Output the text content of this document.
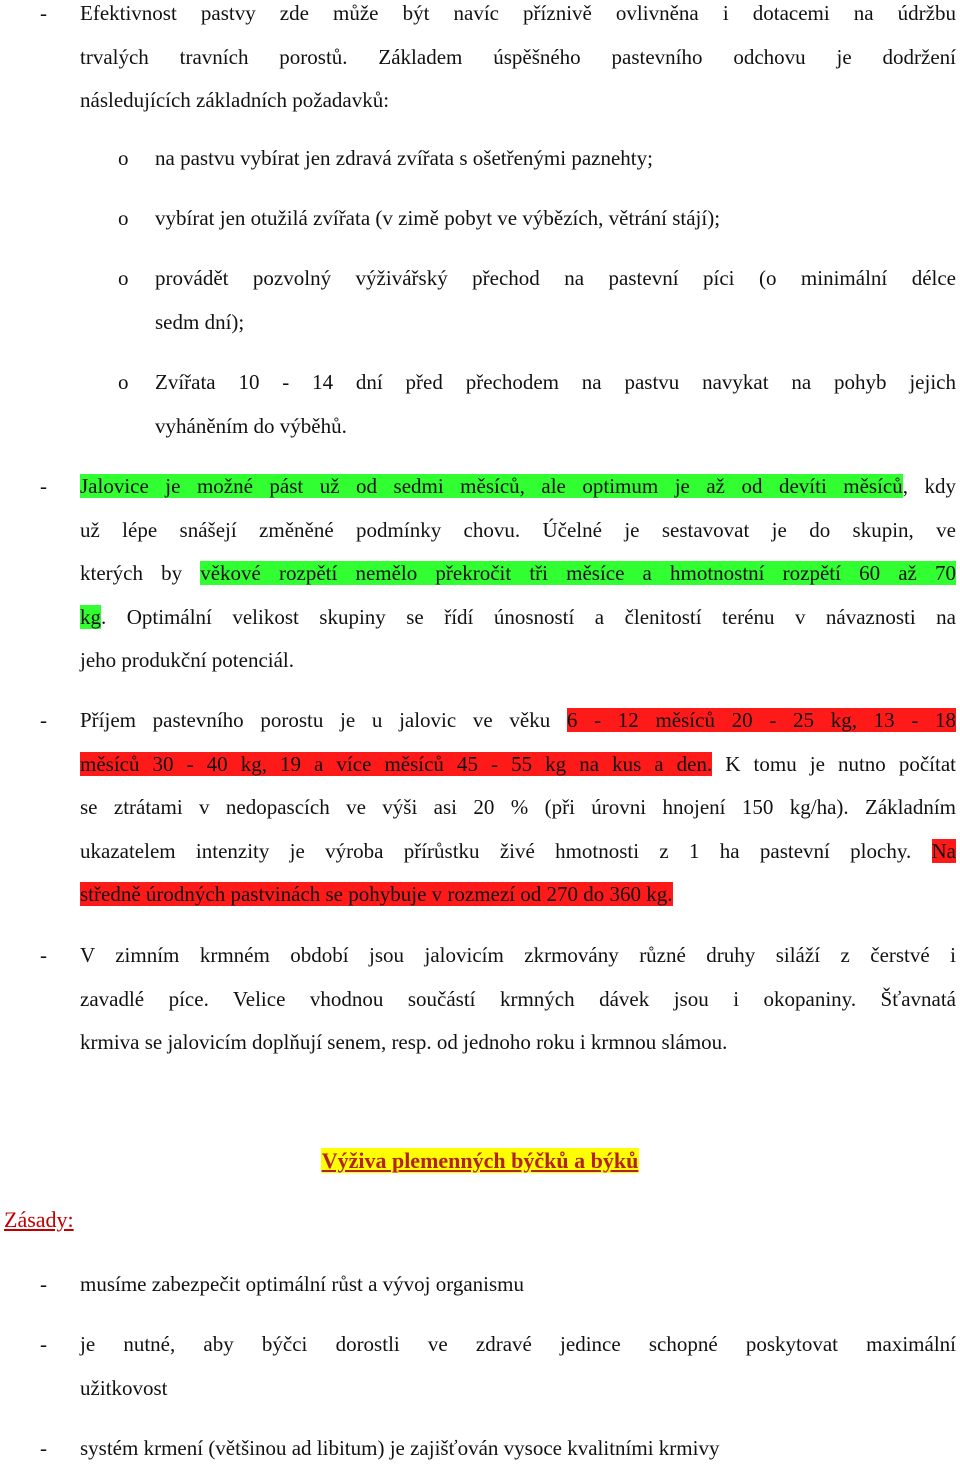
- Efektivnost pastvy zde může být navíc příznivě ovlivněna i dotacemi na údržbu
trvalých travních porostů. Základem úspěšného pastevního odchovu je dodržení
následujících základních požadavků:
o na pastvu vybírat jen zdravá zvířata s ošetřenými paznehty;
o vybírat jen otužilá zvířata (v zimě pobyt ve výbězích, větrání stájí);
o provádět pozvolný výživářský přechod na pastevní píci (o minimální délce
sedm dní);
o Zvířata 10 - 14 dní před přechodem na pastvu navykat na pohyb jejich
vyháněním do výběhů.
- Jalovice je možné pást už od sedmi měsíců, ale optimum je až od devíti měsíců, kdy
už lépe snášejí změněné podmínky chovu. Účelné je sestavovat je do skupin, ve
kterých by věkové rozpětí nemělo překročit tři měsíce a hmotnostní rozpětí 60 až 70
kg. Optimální velikost skupiny se řídí únosností a členitostí terénu v návaznosti na
jeho produkční potenciál.
- Příjem pastevního porostu je u jalovic ve věku 6 - 12 měsíců 20 - 25 kg, 13 - 18
měsíců 30 - 40 kg, 19 a více měsíců 45 - 55 kg na kus a den. K tomu je nutno počítat
se ztrátami v nedopascích ve výši asi 20 % (při úrovni hnojení 150 kg/ha). Základním
ukazatelem intenzity je výroba přírůstku živé hmotnosti z 1 ha pastevní plochy. Na
středně úrodných pastvinách se pohybuje v rozmezí od 270 do 360 kg.
- V zimním krmném období jsou jalovicím zkrmovány různé druhy siláží z čerstvé i
zavadlé píce. Velice vhodnou součástí krmných dávek jsou i okopaniny. Šťavnatá
krmiva se jalovicím doplňují senem, resp. od jednoho roku i krmnou slámou.
Výživa plemenných býčků a býků
Zásady:
- musíme zabezpečit optimální růst a vývoj organismu
- je nutné, aby býčci dorostli ve zdravé jedince schopné poskytovat maximální
užitkovost
- systém krmení (většinou ad libitum) je zajišťován vysoce kvalitními krmivy
